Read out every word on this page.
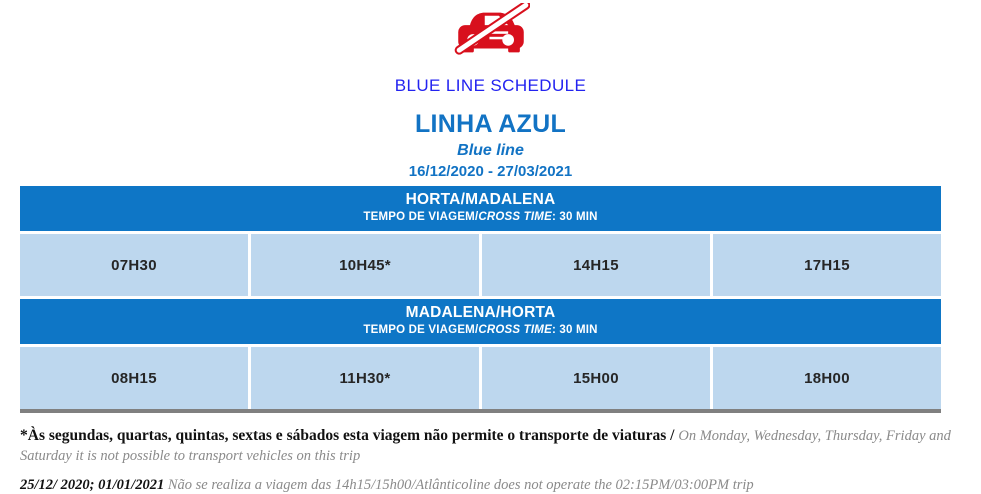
BLUE LINE SCHEDULE
LINHA AZUL
Blue line
16/12/2020 - 27/03/2021
HORTA/MADALENA
TEMPO DE VIAGEM/CROSS TIME: 30 MIN
07H30	10H45*	14H15	17H15
MADALENA/HORTA
TEMPO DE VIAGEM/CROSS TIME: 30 MIN
08H15	11H30*	15H00	18H00
*Às segundas, quartas, quintas, sextas e sábados esta viagem não permite o transporte de viaturas / On Monday, Wednesday, Thursday, Friday and Saturday it is not possible to transport vehicles on this trip
25/12/ 2020; 01/01/2021 Não se realiza a viagem das 14h15/15h00/Atlânticoline does not operate the 02:15PM/03:00PM trip
